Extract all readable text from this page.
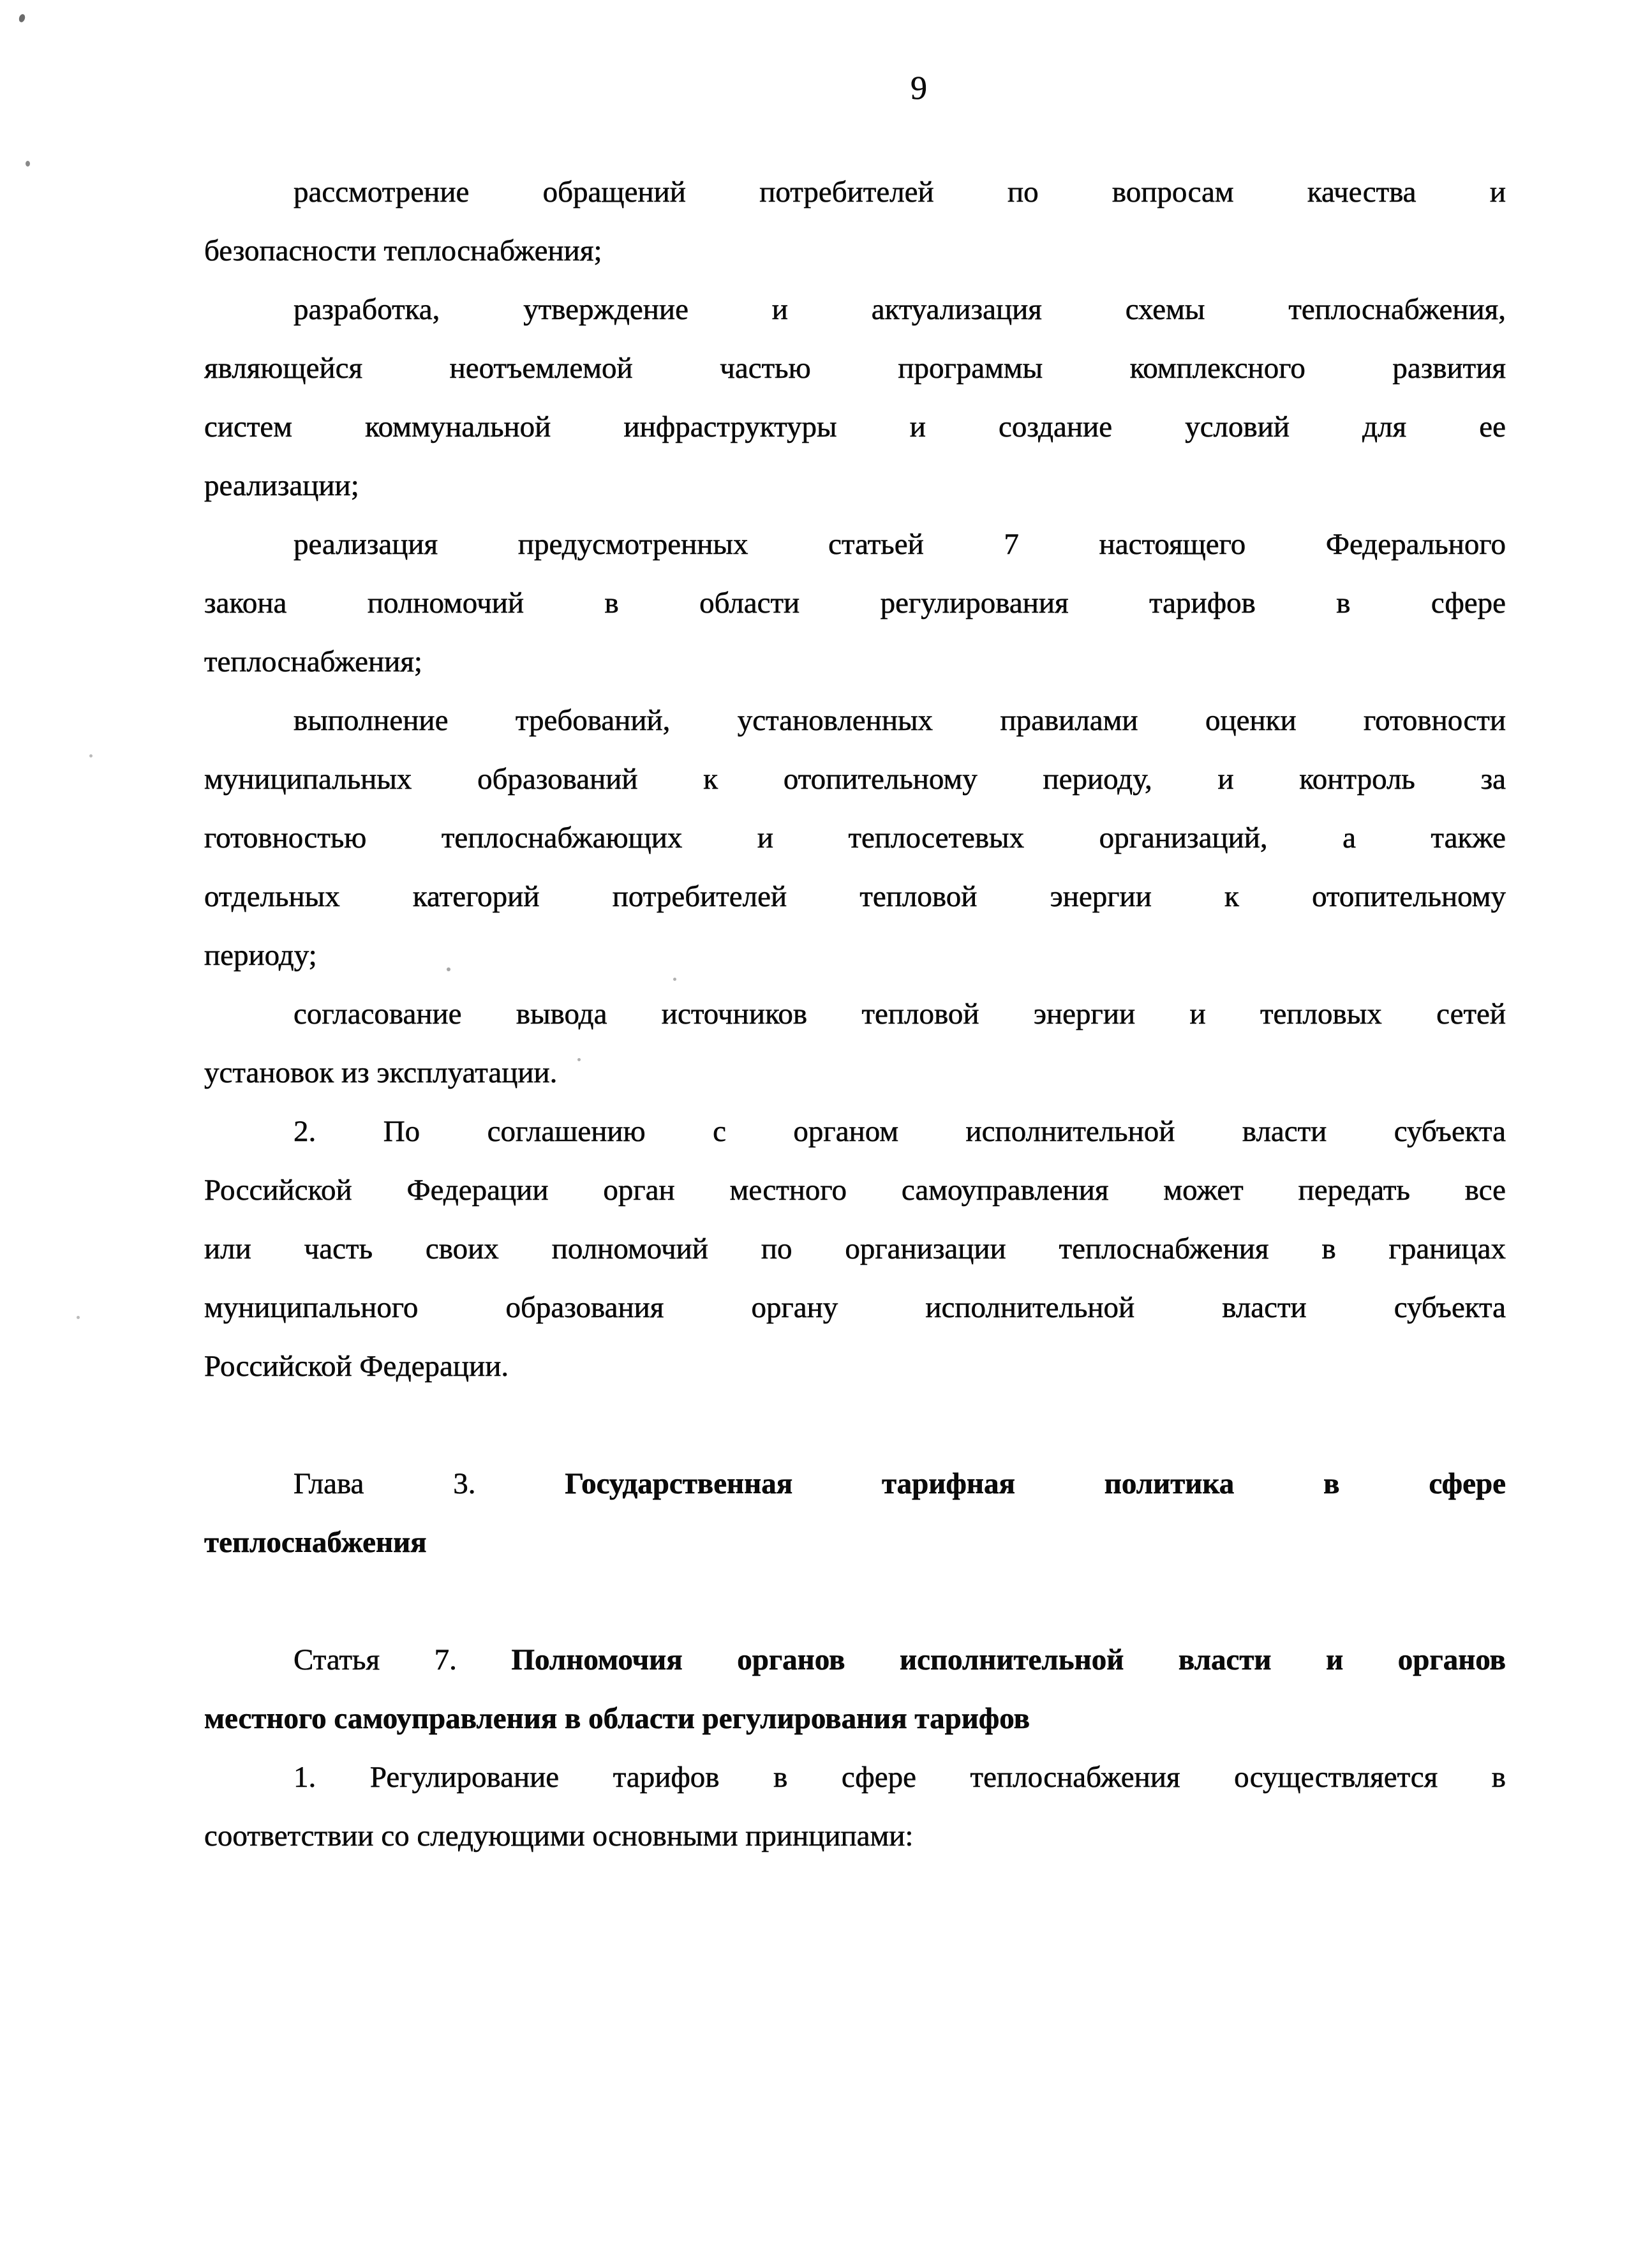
9
рассмотрение обращений потребителей по вопросам качества и
безопасности теплоснабжения;
разработка, утверждение и актуализация схемы теплоснабжения,
являющейся неотъемлемой частью программы комплексного развития
систем коммунальной инфраструктуры и создание условий для ее
реализации;
реализация предусмотренных статьей 7 настоящего Федерального
закона полномочий в области регулирования тарифов в сфере
теплоснабжения;
выполнение требований, установленных правилами оценки готовности
муниципальных образований к отопительному периоду, и контроль за
готовностью теплоснабжающих и теплосетевых организаций, а также
отдельных категорий потребителей тепловой энергии к отопительному
периоду;
согласование вывода источников тепловой энергии и тепловых сетей
установок из эксплуатации.
2. По соглашению с органом исполнительной власти субъекта
Российской Федерации орган местного самоуправления может передать все
или часть своих полномочий по организации теплоснабжения в границах
муниципального образования органу исполнительной власти субъекта
Российской Федерации.
Глава 3.	Государственная тарифная политика в сфере
теплоснабжения
Статья 7. Полномочия органов исполнительной власти и органов
местного самоуправления в области регулирования тарифов
1. Регулирование тарифов в сфере теплоснабжения осуществляется в
соответствии со следующими основными принципами:
